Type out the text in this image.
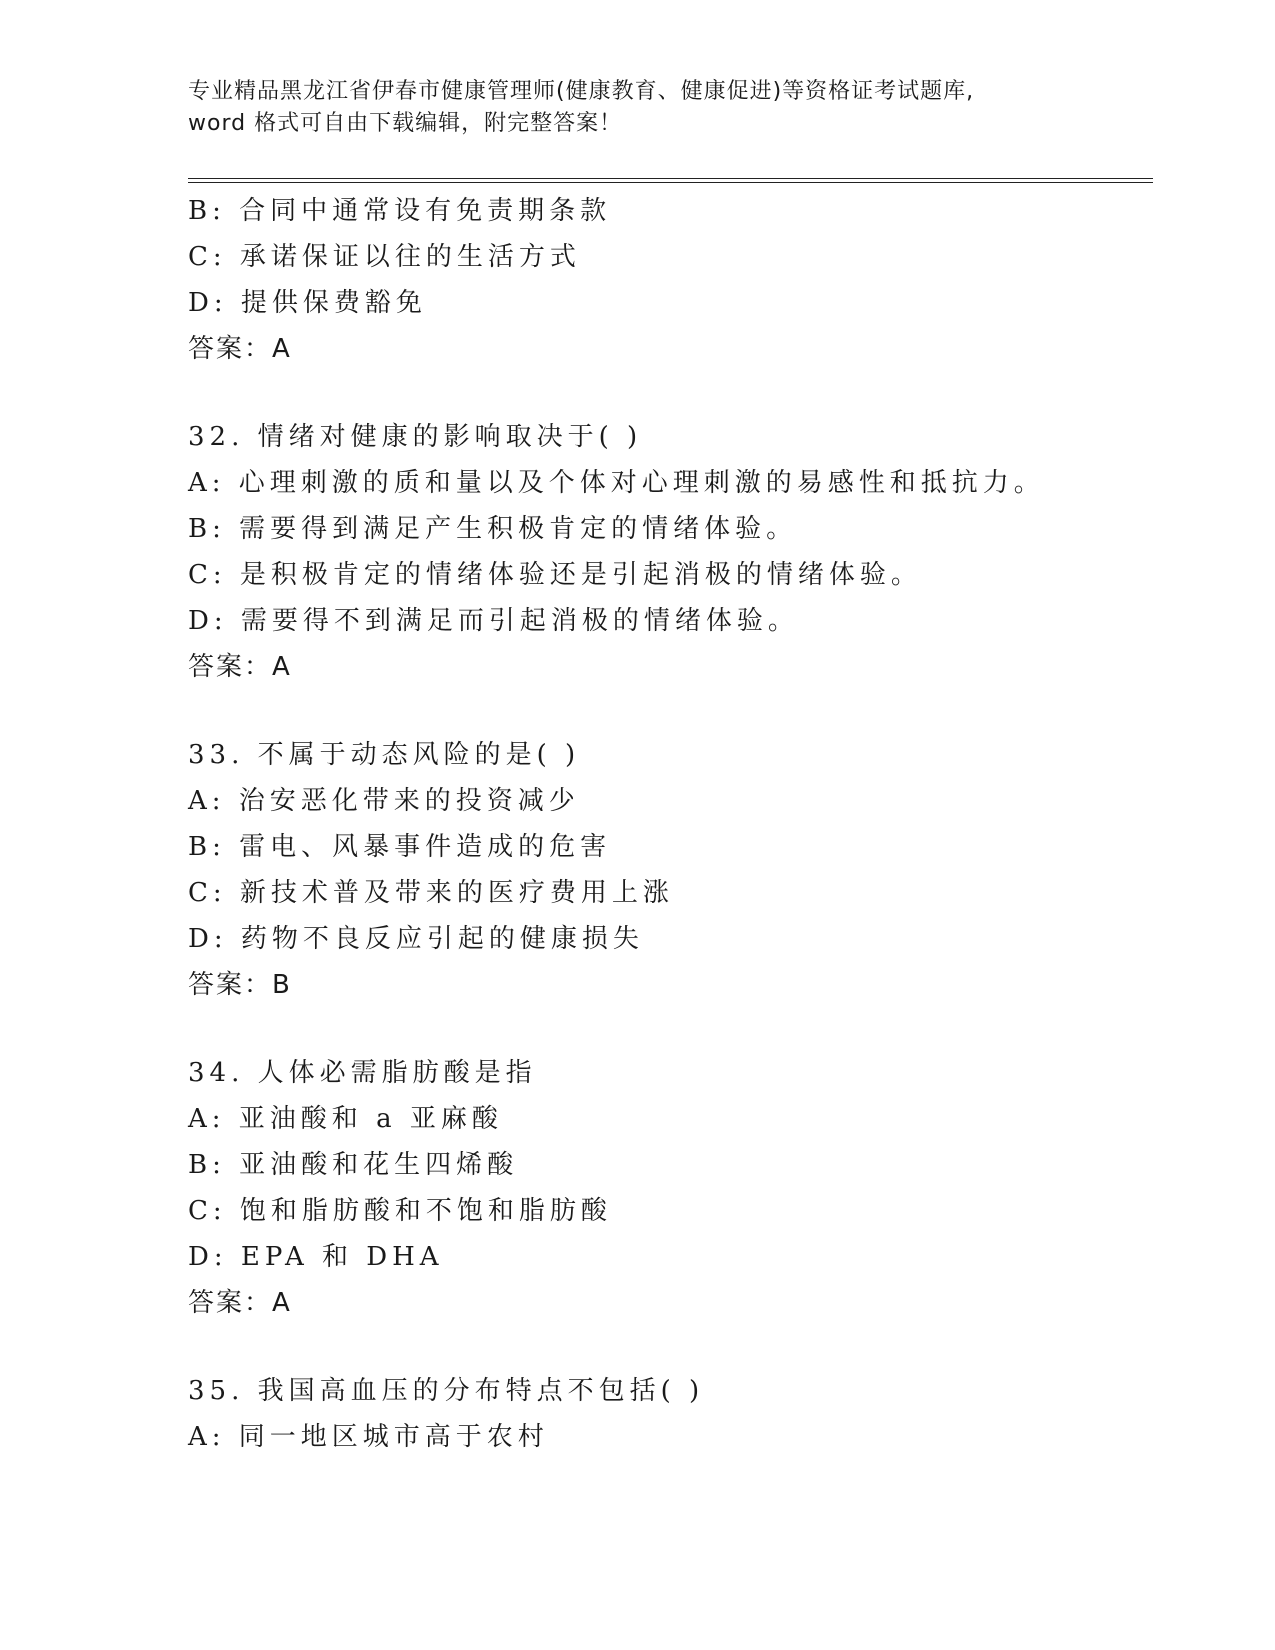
专业精品黑龙江省伊春市健康管理师(健康教育、健康促进)等资格证考试题库,
word 格式可自由下载编辑，附完整答案！
B: 合同中通常设有免责期条款
C: 承诺保证以往的生活方式
D: 提供保费豁免
答案：A
32. 情绪对健康的影响取决于( )
A: 心理刺激的质和量以及个体对心理刺激的易感性和抵抗力。
B: 需要得到满足产生积极肯定的情绪体验。
C: 是积极肯定的情绪体验还是引起消极的情绪体验。
D: 需要得不到满足而引起消极的情绪体验。
答案：A
33. 不属于动态风险的是( )
A: 治安恶化带来的投资减少
B: 雷电、风暴事件造成的危害
C: 新技术普及带来的医疗费用上涨
D: 药物不良反应引起的健康损失
答案：B
34. 人体必需脂肪酸是指
A: 亚油酸和 a 亚麻酸
B: 亚油酸和花生四烯酸
C: 饱和脂肪酸和不饱和脂肪酸
D: EPA 和 DHA
答案：A
35. 我国高血压的分布特点不包括( )
A: 同一地区城市高于农村
